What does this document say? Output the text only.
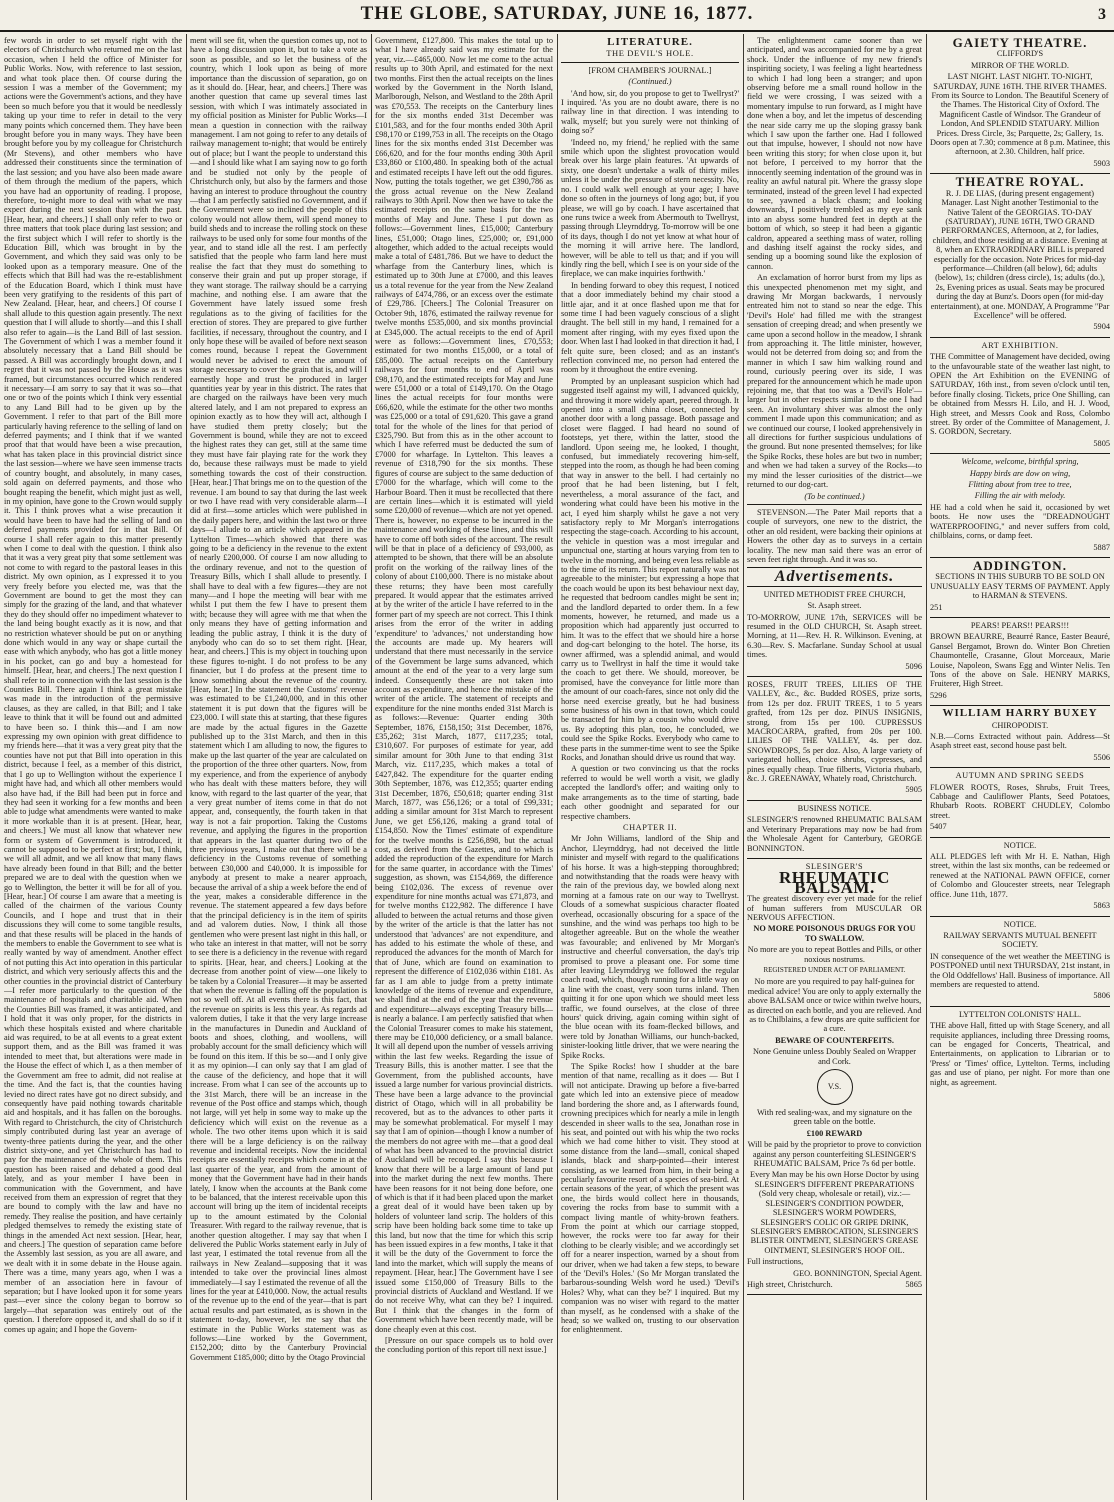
THE GLOBE, SATURDAY, JUNE 16, 1877.	3

few words in order to set myself right with the electors of Christchurch who returned me on the last occasion, when I held the office of Minister for Public Works. Now, with reference to last session, and what took place then. Of course during the session I was a member of the Government; my actions were the Government's actions, and they have been so much before you that it would be needlessly taking up your time to refer in detail to the very many points which concerned them. They have been brought before you in many ways. They have been brought before you by my colleague for Christchurch (Mr Stevens), and other members who have addressed their constituents since the termination of the last session; and you have also been made aware of them through the medium of the papers, which you have had an opportunity of reading. I propose, therefore, to-night more to deal with what we may expect during the next session than with the past. [Hear, hear, and cheers.] I shall only refer to two or three matters that took place during last session; and the first subject which I will refer to shortly is the Education Bill, which was brought in by the Government, and which they said was only to be looked upon as a temporary measure. One of the effects which that Bill had was the re-establishment of the Education Board, which I think must have been very gratifying to the residents of this part of New Zealand. [Hear, hear, and cheers.] Of course I shall allude to this question again presently. The next question that I will allude to shortly—and this I shall also refer to again—is the Land Bill of last session. The Government of which I was a member found it absolutely necessary that a Land Bill should be passed. A Bill was accordingly brought down, and I regret that it was not passed by the House as it was framed, but circumstances occurred which rendered it necessary—I am sorry to say that it was so—that one or two of the points which I think very essential to any Land Bill had to be given up by the Government. I refer to that part of the Bill more particularly having reference to the selling of land on deferred payments; and I think that if we wanted proof that that would have been a wise precaution, what has taken place in this provincial district since the last session—where we have seen immense tracts of country bought, and absolutely, in many cases, sold again on deferred payments, and those who bought reaping the benefit, which might just as well, in my opinion, have gone to the Crown would supply it. This I think proves what a wise precaution it would have been to have had the selling of land on deferred payments provided for in that Bill. Of course I shall refer again to this matter presently when I come to deal with the question. I think also that it was a very great pity that some settlement was not come to with regard to the pastoral leases in this district. My own opinion, as I expressed it to you very freely before you elected me, was that the Government are bound to get the most they can simply for the grazing of the land, and that whatever they do they should offer no impediment whatever to the land being bought exactly as it is now, and that no restriction whatever should be put on or anything done which would in any way or shape curtail the ease with which anybody, who has got a little money in his pocket, can go and buy a homestead for himself. [Hear, hear, and cheers.] The next question I shall refer to in connection with the last session is the Counties Bill. There again I think a great mistake was made in the introduction of the permissive clauses, as they are called, in that Bill; and I take leave to think that it will be found out and admitted to have been so. I think this—and I am now expressing my own opinion with great diffidence to my friends here—that it was a very great pity that the counties have not put that Bill into operation in this district, because I feel, as a member of this district, that I go up to Wellington without the experience I might have had, and which all other members would also have had, if the Bill had been put in force and they had seen it working for a few months and been able to judge what amendments were wanted to make it more workable than it is at present. [Hear, hear, and cheers.] We must all know that whatever new form or system of Government is introduced, it cannot be supposed to be perfect at first; but, I think, we will all admit, and we all know that many flaws have already been found in that Bill; and the better prepared we are to deal with the question when we go to Wellington, the better it will be for all of you. [Hear, hear.] Of course I am aware that a meeting is called of the chairmen of the various County Councils, and I hope and trust that in their discussions they will come to some tangible results, and that these results will be placed in the hands of the members to enable the Government to see what is really wanted by way of amendment. Another effect of not putting this Act into operation in this particular district, and which very seriously affects this and the other counties in the provincial district of Canterbury—I refer more particularly to the question of the maintenance of hospitals and charitable aid. When the Counties Bill was framed, it was anticipated, and I hold that it was only proper, for the districts in which these hospitals existed and where charitable aid was required, to be at all events to a great extent support them, and as the Bill was framed it was intended to meet that, but alterations were made in the House the effect of which I, as a then member of the Government am free to admit, did not realise at the time. And the fact is, that the counties having levied no direct rates have got no direct subsidy, and consequently have paid nothing towards charitable aid and hospitals, and it has fallen on the boroughs. With regard to Christchurch, the city of Christchurch simply contributed during last year an average of twenty-three patients during the year, and the other district sixty-one, and yet Christchurch has had to pay for the maintenance of the whole of them. This question has been raised and debated a good deal lately, and as your member I have been in communication with the Government, and have received from them an expression of regret that they are bound to comply with the law and have no remedy. They realise the position, and have certainly pledged themselves to remedy the existing state of things in the amended Act next session. [Hear, hear, and cheers.] The question of separation came before the Assembly last session, as you are all aware, and we dealt with it in some debate in the House again. There was a time, many years ago, when I was a member of an association here in favour of separation; but I have looked upon it for some years past—ever since the colony began to borrow so largely—that separation was entirely out of the question. I therefore opposed it, and shall do so if it comes up again; and I hope the Govern-

ment will see fit, when the question comes up, not to have a long discussion upon it, but to take a vote as soon as possible, and so let the business of the country, which I look upon as being of more importance than the discussion of separation, go on as it should do. [Hear, hear, and cheers.] There was another question that came up several times last session, with which I was intimately associated in my official position as Minister for Public Works—I mean a question in connection with the railway management. I am not going to refer to any details of railway management to-night; that would be entirely out of place; but I want the people to understand this—and I should like what I am saying now to go forth and be studied not only by the people of Christchurch only, but also by the farmers and those having an interest to produce throughout the country—that I am perfectly satisfied no Government, and if the Government were so inclined the people of this colony would not allow them, will spend money to build sheds and to increase the rolling stock on these railways to be used only for some four months of the year, and to stand idle all the rest. I am perfectly satisfied that the people who farm land here must realise the fact that they must do something to conserve their grain and put up proper storage, if they want storage. The railway should be a carrying machine, and nothing else. I am aware that the Government have lately issued some fresh regulations as to the giving of facilities for the erection of stores. They are prepared to give further facilities, if necessary, throughout the country, and I only hope these will be availed of before next season comes round, because I repeat the Government would never be advised to erect the amount of storage necessary to cover the grain that is, and will I earnestly hope and trust be produced in larger quantities year by year in this district. The rates that are charged on the railways have been very much altered lately, and I am not prepared to express an opinion exactly as to how they will act, although I have studied them pretty closely; but the Government is bound, while they are not to exceed the highest rates they can get, still at the same time they must have fair playing rate for the work they do, because these railways must be made to yield something towards the cost of their construction. [Hear, hear.] That brings me on to the question of the revenue. I am bound to say that during the last week or two I have read with very considerable alarm—I did at first—some articles which were published in the daily papers here, and within the last two or three days—I allude to an article which appeared in the Lyttelton Times—which showed that there was going to be a deficiency in the revenue to the extent of nearly £200,000. Of course I am now alluding to the ordinary revenue, and not to the question of Treasury Bills, which I shall allude to presently. I shall have to deal with a few figures—they are not many—and I hope the meeting will bear with me whilst I put them the few I have to present them with; because they will agree with me that when the only means they have of getting information and leading the public astray, I think it is the duty of anybody who can do so to set them right. [Hear, hear, and cheers.] This is my object in touching upon these figures to-night. I do not profess to be any financier, but I do profess at the present time to know something about the revenue of the country. [Hear, hear.] In the statement the Customs' revenue was estimated to be £1,240,000, and in this other statement it is put down that the figures will be £23,000. I will state this at starting, that these figures are made by the actual figures in the Gazette published up to the 31st March, and then in this statement which I am alluding to now, the figures to make up the last quarter of the year are calculated on the proportion of the three other quarters. Now, from my experience, and from the experience of anybody who has dealt with these matters before, they will know, with regard to the last quarter of the year, that a very great number of items come in that do not appear, and, consequently, the fourth taken in that way is not a fair proportion. Taking the Customs revenue, and applying the figures in the proportion that appears in the last quarter during two of the three previous years, I make out that there will be a deficiency in the Customs revenue of something between £30,000 and £40,000. It is impossible for anybody at present to make a nearer approach, because the arrival of a ship a week before the end of the year, makes a considerable difference in the revenue. The statement appeared a few days before that the principal deficiency is in the item of spirits and ad valorem duties. Now, I think all those gentlemen who were present last night in this hall, or who take an interest in that matter, will not be sorry to see there is a deficiency in the revenue with regard to spirits. [Hear, hear, and cheers.] Looking at the decrease from another point of view—one likely to be taken by a Colonial Treasurer—it may be asserted that when the revenue is falling off the population is not so well off. At all events there is this fact, that the revenue on spirits is less this year. As regards ad valorem duties, I take it that the very large increase in the manufactures in Dunedin and Auckland of boots and shoes, clothing, and woollens, will probably account for the small deficiency which will be found on this item. If this be so—and I only give it as my opinion—I can only say that I am glad of the cause of the deficiency, and hope that it will increase. From what I can see of the accounts up to the 31st March, there will be an increase in the revenue of the Post office and stamps which, though not large, will yet help in some way to make up the deficiency which will exist on the revenue as a whole. The two other items upon which it is said there will be a large deficiency is on the railway revenue and incidental receipts. Now the incidental receipts are essentially receipts which come in at the last quarter of the year, and from the amount of money that the Government have had in their hands lately, I know when the accounts at the Bank come to be balanced, that the interest receivable upon this account will bring up the item of incidental receipts up to the amount estimated by the Colonial Treasurer. With regard to the railway revenue, that is another question altogether. I may say that when I delivered the Public Works statement early in July of last year, I estimated the total revenue from all the railways in New Zealand—supposing that it was intended to take over the provincial lines almost immediately—I say I estimated the revenue of all the lines for the year at £410,000. Now, the actual results of the revenue up to the end of the year—that is part actual results and part estimated, as is shown in the statement to-day, however, let me say that the estimate in the Public Works statement was as follows:—Line worked by the Government, £152,200; ditto by the Canterbury Provincial Government £185,000; ditto by the Otago Provincial

Government, £127,800. This makes the total up to what I have already said was my estimate for the year, viz.—£465,000. Now let me come to the actual results up to 30th April, and estimated for the next two months. First then the actual receipts on the lines worked by the Government in the North Island, Marlborough, Nelson, and Westland to the 28th April was £70,553. The receipts on the Canterbury lines for the six months ended 31st December was £101,583, and for the four months ended 30th April £98,170 or £199,753 in all. The receipts on the Otago lines for the six months ended 31st December was £66,620, and for the four months ending 30th April £33,860 or £100,480. In speaking both of the actual and estimated receipts I have left out the odd figures. Now, putting the totals together, we get £390,786 as the gross actual revenue on the New Zealand railways to 30th April. Now then we have to take the estimated receipts on the same basis for the two months of May and June. These I put down as follows:—Government lines, £15,000; Canterbury lines, £51,000; Otago lines, £25,000; or, £91,000 altogether, which added to the actual receipts would make a total of £481,786. But we have to deduct the wharfage from the Canterbury lines, which is estimated up to 30th June at £7000, and this leaves us a total revenue for the year from the New Zealand railways of £474,786, or an excess over the estimate of £29,786. [Cheers.] The Colonial Treasurer on October 9th, 1876, estimated the railway revenue for twelve months £535,000, and six months provincial at £345,000. The actual receipts to the end of April were as follows:—Government lines, £70,553; estimated for two months £15,000, or a total of £85,000. The actual receipts on the Canterbury railways for four months to end of April was £98,170, and the estimated receipts for May and June were £51,000 or a total of £149,170. On the Otago lines the actual receipts for four months were £66,620, while the estimate for the other two months was £25,000 or a total of £91,620. This gave a grand total for the whole of the lines for that period of £325,790. But from this as in the other account to which I have referred must be deducted the sum of £7000 for wharfage. In Lyttelton. This leaves a revenue of £318,790 for the six months. These figures of course are subject to the same deduction of £7000 for the wharfage, which will come to the Harbour Board. Then it must be recollected that there are certain lines—which it is estimated will yield some £20,000 of revenue—which are not yet opened. There is, however, no expense to be incurred in the maintenance and working of these lines, and this will have to come off both sides of the account. The result will be that in place of a deficiency of £93,000, as attempted to be shown, that there will be an absolute profit on the working of the railway lines of the colony of about £100,000. There is no mistake about these returns; they have been most carefully prepared. It would appear that the estimates arrived at by the writer of the article I have referred to in the former part of my speech are not correct. This I think arises from the error of the writer in adding 'expenditure' to 'advances,' not understanding how the accounts are made up. My hearers will understand that there must necessarily in the service of the Government be large sums advanced, which amount at the end of the year to a very large sum indeed. Consequently these are not taken into account as expenditure, and hence the mistake of the writer of the article. The statement of receipts and expenditure for the nine months ended 31st March is as follows:—Revenue: Quarter ending 30th September, 1876, £158,150; 31st December, 1876, £35,262; 31st March, 1877, £117,235; total, £310,607. For purposes of estimate for year, add similar amount for 30th June to that ending 31st March, viz. £117,235, which makes a total of £427,842. The expenditure for the quarter ending 30th September, 1876, was £12,355; quarter ending 31st December, 1876, £50,618; quarter ending 31st March, 1877, was £56,126; or a total of £99,331; adding a similar amount for 31st March to represent June, we get £56,126, making a grand total of £154,850. Now the Times' estimate of expenditure for the twelve months is £256,898, but the actual cost, as derived from the Gazettes, and to which is added the reproduction of the expenditure for March for the same quarter, in accordance with the Times' suggestion, as shown, was £154,869, the difference being £102,036. The excess of revenue over expenditure for nine months actual was £71,873, and for twelve months £122,982. The difference I have alluded to between the actual returns and those given by the writer of the article is that the latter has not understood that 'advances' are not expenditure, and has added to his estimate the whole of these, and reproduced the advances for the month of March for that of June, which are found on examination to represent the difference of £102,036 within £181. As far as I am able to judge from a pretty intimate knowledge of the items of revenue and expenditure, we shall find at the end of the year that the revenue and expenditure—always excepting Treasury bills—is nearly a balance. I am perfectly satisfied that when the Colonial Treasurer comes to make his statement, there may be £10,000 deficiency, or a small balance. It will all depend upon the number of vessels arriving within the last few weeks. Regarding the issue of Treasury Bills, this is another matter. I see that the Government, from the published accounts, have issued a large number for various provincial districts. These have been a large advance to the provincial district of Otago, which will in all probability be recovered, but as to the advances to other parts it may be somewhat problematical. For myself I may say that I am of opinion—though I know a number of the members do not agree with me—that a good deal of what has been advanced to the provincial district of Auckland will be recouped. I say this because I know that there will be a large amount of land put into the market during the next few months. There have been reasons for it not being done before, one of which is that if it had been placed upon the market a great deal of it would have been taken up by holders of volunteer land scrip. The holders of this scrip have been holding back some time to take up this land, but now that the time for which this scrip has been issued expires in a few months, I take it that it will be the duty of the Government to force the land into the market, which will supply the means of repayment. [Hear, hear.] The Government have I see issued some £150,000 of Treasury Bills to the provincial districts of Auckland and Westland. If we do not receive Why, what can they be? I inquired. But I think that the changes in the form of Government which have been recently made, will be done cheaply even at this cost.

[Pressure on our space compels us to hold over the concluding portion of this report till next issue.]

LITERATURE.
THE DEVIL'S HOLE.
[FROM CHAMBER'S JOURNAL.]
(Continued.)

'And how, sir, do you propose to get to Twellryst?' I inquired. 'As you are no doubt aware, there is no railway line in that direction. I was intending to walk, myself; but you surely were not thinking of doing so?'

'Indeed no, my friend,' he replied with the same smile which upon the slightest provocation would break over his large plain features. 'At upwards of sixty, one doesn't undertake a walk of thirty miles unless it be under the pressure of stern necessity. No, no. I could walk well enough at your age; I have done so often in the journeys of long ago; but, if you please, we will go by coach. I have ascertained that one runs twice a week from Abermouth to Twellryst, passing through Lleyrnddryg. To-morrow will be one of its days, though I do not yet know at what hour of the morning it will arrive here. The landlord, however, will be able to tell us that; and if you will kindly ring the bell, which I see is on your side of the fireplace, we can make inquiries forthwith.'

In bending forward to obey this request, I noticed that a door immediately behind my chair stood a little ajar, and it at once flashed upon me that for some time I had been vaguely conscious of a slight draught. The bell still in my hand, I remained for a moment after ringing, with my eyes fixed upon the door. When last I had looked in that direction it had, I felt quite sure, been closed; and as an instant's reflection convinced me, no person had entered the room by it throughout the entire evening.

Prompted by an unpleasant suspicion which had suggested itself against my will, I advanced quickly, and throwing it more widely apart, peered through. It opened into a small china closet, connected by another door with a long passage. Both passage and closet were flagged. I had heard no sound of footsteps, yet there, within the latter, stood the landlord. Upon seeing me, he looked, I thought, confused, but immediately recovering him-self, stepped into the room, as though he had been coming that way in answer to the bell. I had certainly no proof that he had been listening, but I felt, nevertheless, a moral assurance of the fact, and wondering what could have been his motive in the act, I eyed him sharply whilst he gave a not very satisfactory reply to Mr Morgan's interrogations respecting the stage-coach. According to his account, the vehicle in question was a most irregular and unpunctual one, starting at hours varying from ten to twelve in the morning, and being even less reliable as to the time of its return. This report naturally was not agreeable to the minister; but expressing a hope that the coach would be upon its best behaviour next day, he requested that bedroom candles might be sent in; and the landlord departed to order them. In a few moments, however, he returned, and made us a proposition which had apparently just occurred to him. It was to the effect that we should hire a horse and dog-cart belonging to the hotel. The horse, its owner affirmed, was a splendid animal, and would carry us to Twellryst in half the time it would take the coach to get there. We should, moreover, be promised, have the conveyance for little more than the amount of our coach-fares, since not only did the horse need exercise greatly, but he had business some business of his own in that town, which could be transacted for him by a cousin who would drive us. By adopting this plan, too, he concluded, we could see the Spike Rocks. Everybody who came to these parts in the summer-time went to see the Spike Rocks, and Jonathan should drive us round that way.

A question or two convincing us that the rocks referred to would be well worth a visit, we gladly accepted the landlord's offer; and waiting only to make arrangements as to the time of starting, bade each other goodnight and separated for our respective chambers.

CHAPTER II.

Mr John Williams, landlord of the Ship and Anchor, Lleyrnddryg, had not deceived the little minister and myself with regard to the qualifications of his horse. It was a high-stepping thoroughbred; and notwithstanding that the roads were heavy with the rain of the previous day, we bowled along next morning at a famous rate on our way to Twellryst. Clouds of a somewhat suspicious character floated overhead, occasionally obscuring for a space of the sunshine, and the wind was perhaps too high to be altogether agreeable. But on the whole the weather was favourable; and enlivened by Mr Morgan's instructive and cheerful conversation, the day's trip promised to prove a pleasant one. For some time after leaving Lleyrnddryg we followed the regular coach road, which, though running for a little way on a line with the coast, very soon turns inland. Then quitting it for one upon which we should meet less traffic, we found ourselves, at the close of three hours' quick driving, again coming within sight of the blue ocean with its foam-flecked billows, and were told by Jonathan Williams, our hunch-backed, sinister-looking little driver, that we were nearing the Spike Rocks.

The Spike Rocks! how I shudder at the bare mention of that name, recalling as it does — But I will not anticipate. Drawing up before a five-barred gate which led into an extensive piece of meadow land bordering the shore and, as I afterwards found, crowning precipices which for nearly a mile in length descended in sheer walls to the sea, Jonathan rose in his seat, and pointed out with his whip the two rocks which we had come hither to visit. They stood at some distance from the land—small, conical shaped islands, black and sharp-pointed—their interest consisting, as we learned from him, in their being a peculiarly favourite resort of a species of sea-bird. At certain seasons of the year, of which the present was one, the birds would collect here in thousands, covering the rocks from base to summit with a compact living mantle of whity-brown feathers. From the point at which our carriage stopped, however, the rocks were too far away for their clothing to be clearly visible; and we accordingly set off for a nearer inspection, warned by a shout from our driver, when we had taken a few steps, to beware of the 'Devil's Holes.' (So Mr Morgan translated the barbarous-sounding Welsh word he used.) 'Devil's Holes? Why, what can they be?' I inquired. But my companion was no wiser with regard to the matter than myself, as he condensed with a shake of the head; so we walked on, trusting to our observation for enlightenment.

The enlightenment came sooner than we anticipated, and was accompanied for me by a great shock. Under the influence of my new friend's inspiriting society, I was feeling a light heartedness to which I had long been a stranger; and upon observing before me a small round hollow in the field we were crossing, I was seized with a momentary impulse to run forward, as I might have done when a boy, and let the impetus of descending the near side carry me up the sloping grassy bank which I saw upon the farther one. Had I followed out that impulse, however, I should not now have been writing this story; for when close upon it, but not before, I perceived to my horror that the innocently seeming indentation of the ground was in reality an awful natural pit. Where the grassy slope terminated, instead of the green level I had expected to see, yawned a black chasm; and looking downwards, I positively trembled as my eye sank into an abyss some hundred feet in depth at the bottom of which, so steep it had been a gigantic caldron, appeared a seething mass of water, rolling and dashing itself against the rocky sides, and sending up a booming sound like the explosion of cannon.

An exclamation of horror burst from my lips as this unexpected phenomenon met my sight, and drawing Mr Morgan backwards, I nervously entreated him not to stand so near the edge. This 'Devil's Hole' had filled me with the strangest sensation of creeping dread; and when presently we came upon a second hollow in the meadow, I shrank from approaching it. The little minister, however, would not be deterred from doing so; and from the manner in which I saw him walking round and round, curiously peering over its side, I was prepared for the announcement which he made upon rejoining me, that that too was a 'Devil's Hole'—larger but in other respects similar to the one I had seen. An involuntary shiver was almost the only comment I made upon this communication; and as we continued our course, I looked apprehensively in all directions for further suspicious undulations of the ground. But none presented themselves; for like the Spike Rocks, these holes are but two in number; and when we had taken a survey of the Rocks—to my mind the lesser curiosities of the district—we returned to our dog-cart.

(To be continued.)

STEVENSON.—The Pater Mail reports that a couple of surveyors, one new to the district, the other an old resident, were backing their opinions at Howers the other day as to surveys in a certain locality. The new man said there was an error of seven feet right through. And it was so.

Advertisements.

UNITED METHODIST FREE CHURCH,

St. Asaph street.

TO-MORROW, JUNE 17th, SERVICES will be resumed in the OLD CHURCH, St. Asaph street. Morning, at 11—Rev. H. R. Wilkinson. Evening, at 6.30—Rev. S. Macfarlane. Sunday School at usual times.

5096

ROSES, FRUIT TREES, LILIES OF THE VALLEY, &c., &c. Budded ROSES, prize sorts, from 12s per doz. FRUIT TREES, 1 to 5 years grafted, from 12s per doz. PINUS INSIGNIS, strong, from 15s per 100. CUPRESSUS MACROCARPA, grafted, from 20s per 100. LILIES OF THE VALLEY, 4s. per doz. SNOWDROPS, 5s per doz. Also, A large variety of variegated hollies, choice shrubs, cypresses, and pines equally cheap. True filberts, Victoria rhubarb, &c. J. GREENAWAY, Whately road, Christchurch.

5905

BUSINESS NOTICE.

SLESINGER'S renowned RHEUMATIC BALSAM and Veterinary Preparations may now be had from the Wholesale Agent for Canterbury, GEORGE BONNINGTON.

SLESINGER'S

RHEUMATIC BALSAM.

The greatest discovery ever yet made for the relief of human sufferers from MUSCULAR OR NERVOUS AFFECTION.

NO MORE POISONOUS DRUGS FOR YOU TO SWALLOW.

No more are you to repeat Bottles and Pills, or other noxious nostrums.

REGISTERED UNDER ACT OF PARLIAMENT.

No more are you required to pay half-guinea for medical advice! You are only to apply externally the above BALSAM once or twice within twelve hours, as directed on each bottle, and you are relieved. And as to Chilblains, a few drops are quite sufficient for a cure.

BEWARE OF COUNTERFEITS.

None Genuine unless Doubly Sealed on Wrapper and Cork.

V.S.

With red sealing-wax, and my signature on the green table on the bottle.

£100 REWARD

Will be paid by the proprietor to prove to conviction against any person counterfeiting SLESINGER'S RHEUMATIC BALSAM, Price 7s 6d per bottle.

Every Man may be his own Horse Doctor by using SLESINGER'S DIFFERENT PREPARATIONS (Sold very cheap, wholesale or retail), viz.:— SLESINGER'S CONDITION POWDER, SLESINGER'S WORM POWDERS, SLESINGER'S COLIC OR GRIPE DRINK, SLESINGER'S EMBROCATION, SLESINGER'S BLISTER OINTMENT, SLESINGER'S GREASE OINTMENT, SLESINGER'S HOOF OIL.

Full instructions,

GEO. BONNINGTON, Special Agent.

High street, Christchurch.	5865

GAIETY THEATRE.

CLIFFORD'S

MIRROR OF THE WORLD.

LAST NIGHT. LAST NIGHT. TO-NIGHT, SATURDAY, JUNE 16TH. THE RIVER THAMES. From its Source to London. The Beautiful Scenery of the Thames. The Historical City of Oxford. The Magnificent Castle of Windsor. The Grandeur of London, And SPLENDID STATUARY. Million Prices. Dress Circle, 3s; Parquette, 2s; Gallery, 1s. Doors open at 7.30; commence at 8 p.m. Matinee, this afternoon, at 2.30. Children, half price.

5903

THEATRE ROYAL.

R. J. DE LIAS, (during present engagement) Manager. Last Night another Testimonial to the Native Talent of the GEORGIAS. TO-DAY (SATURDAY), JUNE 16TH, TWO GRAND PERFORMANCES, Afternoon, at 2, for ladies, children, and those residing at a distance. Evening at 8, when an EXTRAORDINARY BILL is prepared especially for the occasion. Note Prices for mid-day performance—Children (all below), 6d; adults (below), 1s; children (dress circle), 1s; adults (do.), 2s, Evening prices as usual. Seats may be procured during the day at Bunz's. Doors open (for mid-day entertainment), at one. MONDAY, A Programme "Par Excellence" will be offered.

5904

ART EXHIBITION.

THE Committee of Management have decided, owing to the unfavourable state of the weather last night, to OPEN the Art Exhibition on the EVENING of SATURDAY, 16th inst., from seven o'clock until ten, before finally closing. Tickets, price One Shilling, can be obtained from Messrs H. Lilo, and H. J. Wood, High street, and Messrs Cook and Ross, Colombo street. By order of the Committee of Management, J. S. GORDON, Secretary.

5805

Welcome, welcome, birthful spring,

Happy birds are dow on wing,

Flitting about from tree to tree,

Filling the air with melody.

HE had a cold when he said it, occasioned by wet boots. He now uses the "DREADNOUGHT WATERPROOFING," and never suffers from cold, chilblains, corns, or damp feet.

5887

ADDINGTON.

SECTIONS IN THIS SUBURB TO BE SOLD ON UNUSUALLY EASY TERMS OF PAYMENT. Apply to HARMAN & STEVENS.

251

PEARS! PEARS!! PEARS!!!

BROWN BEAURRE, Beaurré Rance, Easter Beauré, Gansel Bergamot, Brown do. Winter Bon Chretien Chaumontelle, Crasanne, Glout Morceaux, Marie Louise, Napoleon, Swans Egg and Winter Nelis. Ten Tons of the above on Sale. HENRY MARKS, Fruiterer, High Street.

5296

WILLIAM HARRY BUXEY

CHIROPODIST.

N.B.—Corns Extracted without pain. Address—St Asaph street east, second house past belt.

5506

AUTUMN AND SPRING SEEDS

FLOWER ROOTS, Roses, Shrubs, Fruit Trees, Cabbage and Cauliflower Plants, Seed Potatoes, Rhubarb Roots. ROBERT CHUDLEY, Colombo street.

5407

NOTICE.

ALL PLEDGES left with Mr H. E. Nathan, High street, within the last six months, can be redeemed or renewed at the NATIONAL PAWN OFFICE, corner of Colombo and Gloucester streets, near Telegraph office. June 11th, 1877.

5863

NOTICE.

RAILWAY SERVANTS MUTUAL BENEFIT SOCIETY.

IN consequence of the wet weather the MEETING is POSTPONED until next THURSDAY, 21st instant, in the Old Oddfellows' Hall. Business of importance. All members are requested to attend.

5806

LYTTELTON COLONISTS' HALL.

THE above Hall, fitted up with Stage Scenery, and all requisite appliances, including three Dressing rooms, can be engaged for Concerts, Theatrical, and Entertainments, on application to Librarian or to 'Press' or 'Times' office, Lyttelton. Terms, including gas and use of piano, per night. For more than one night, as agreement.
